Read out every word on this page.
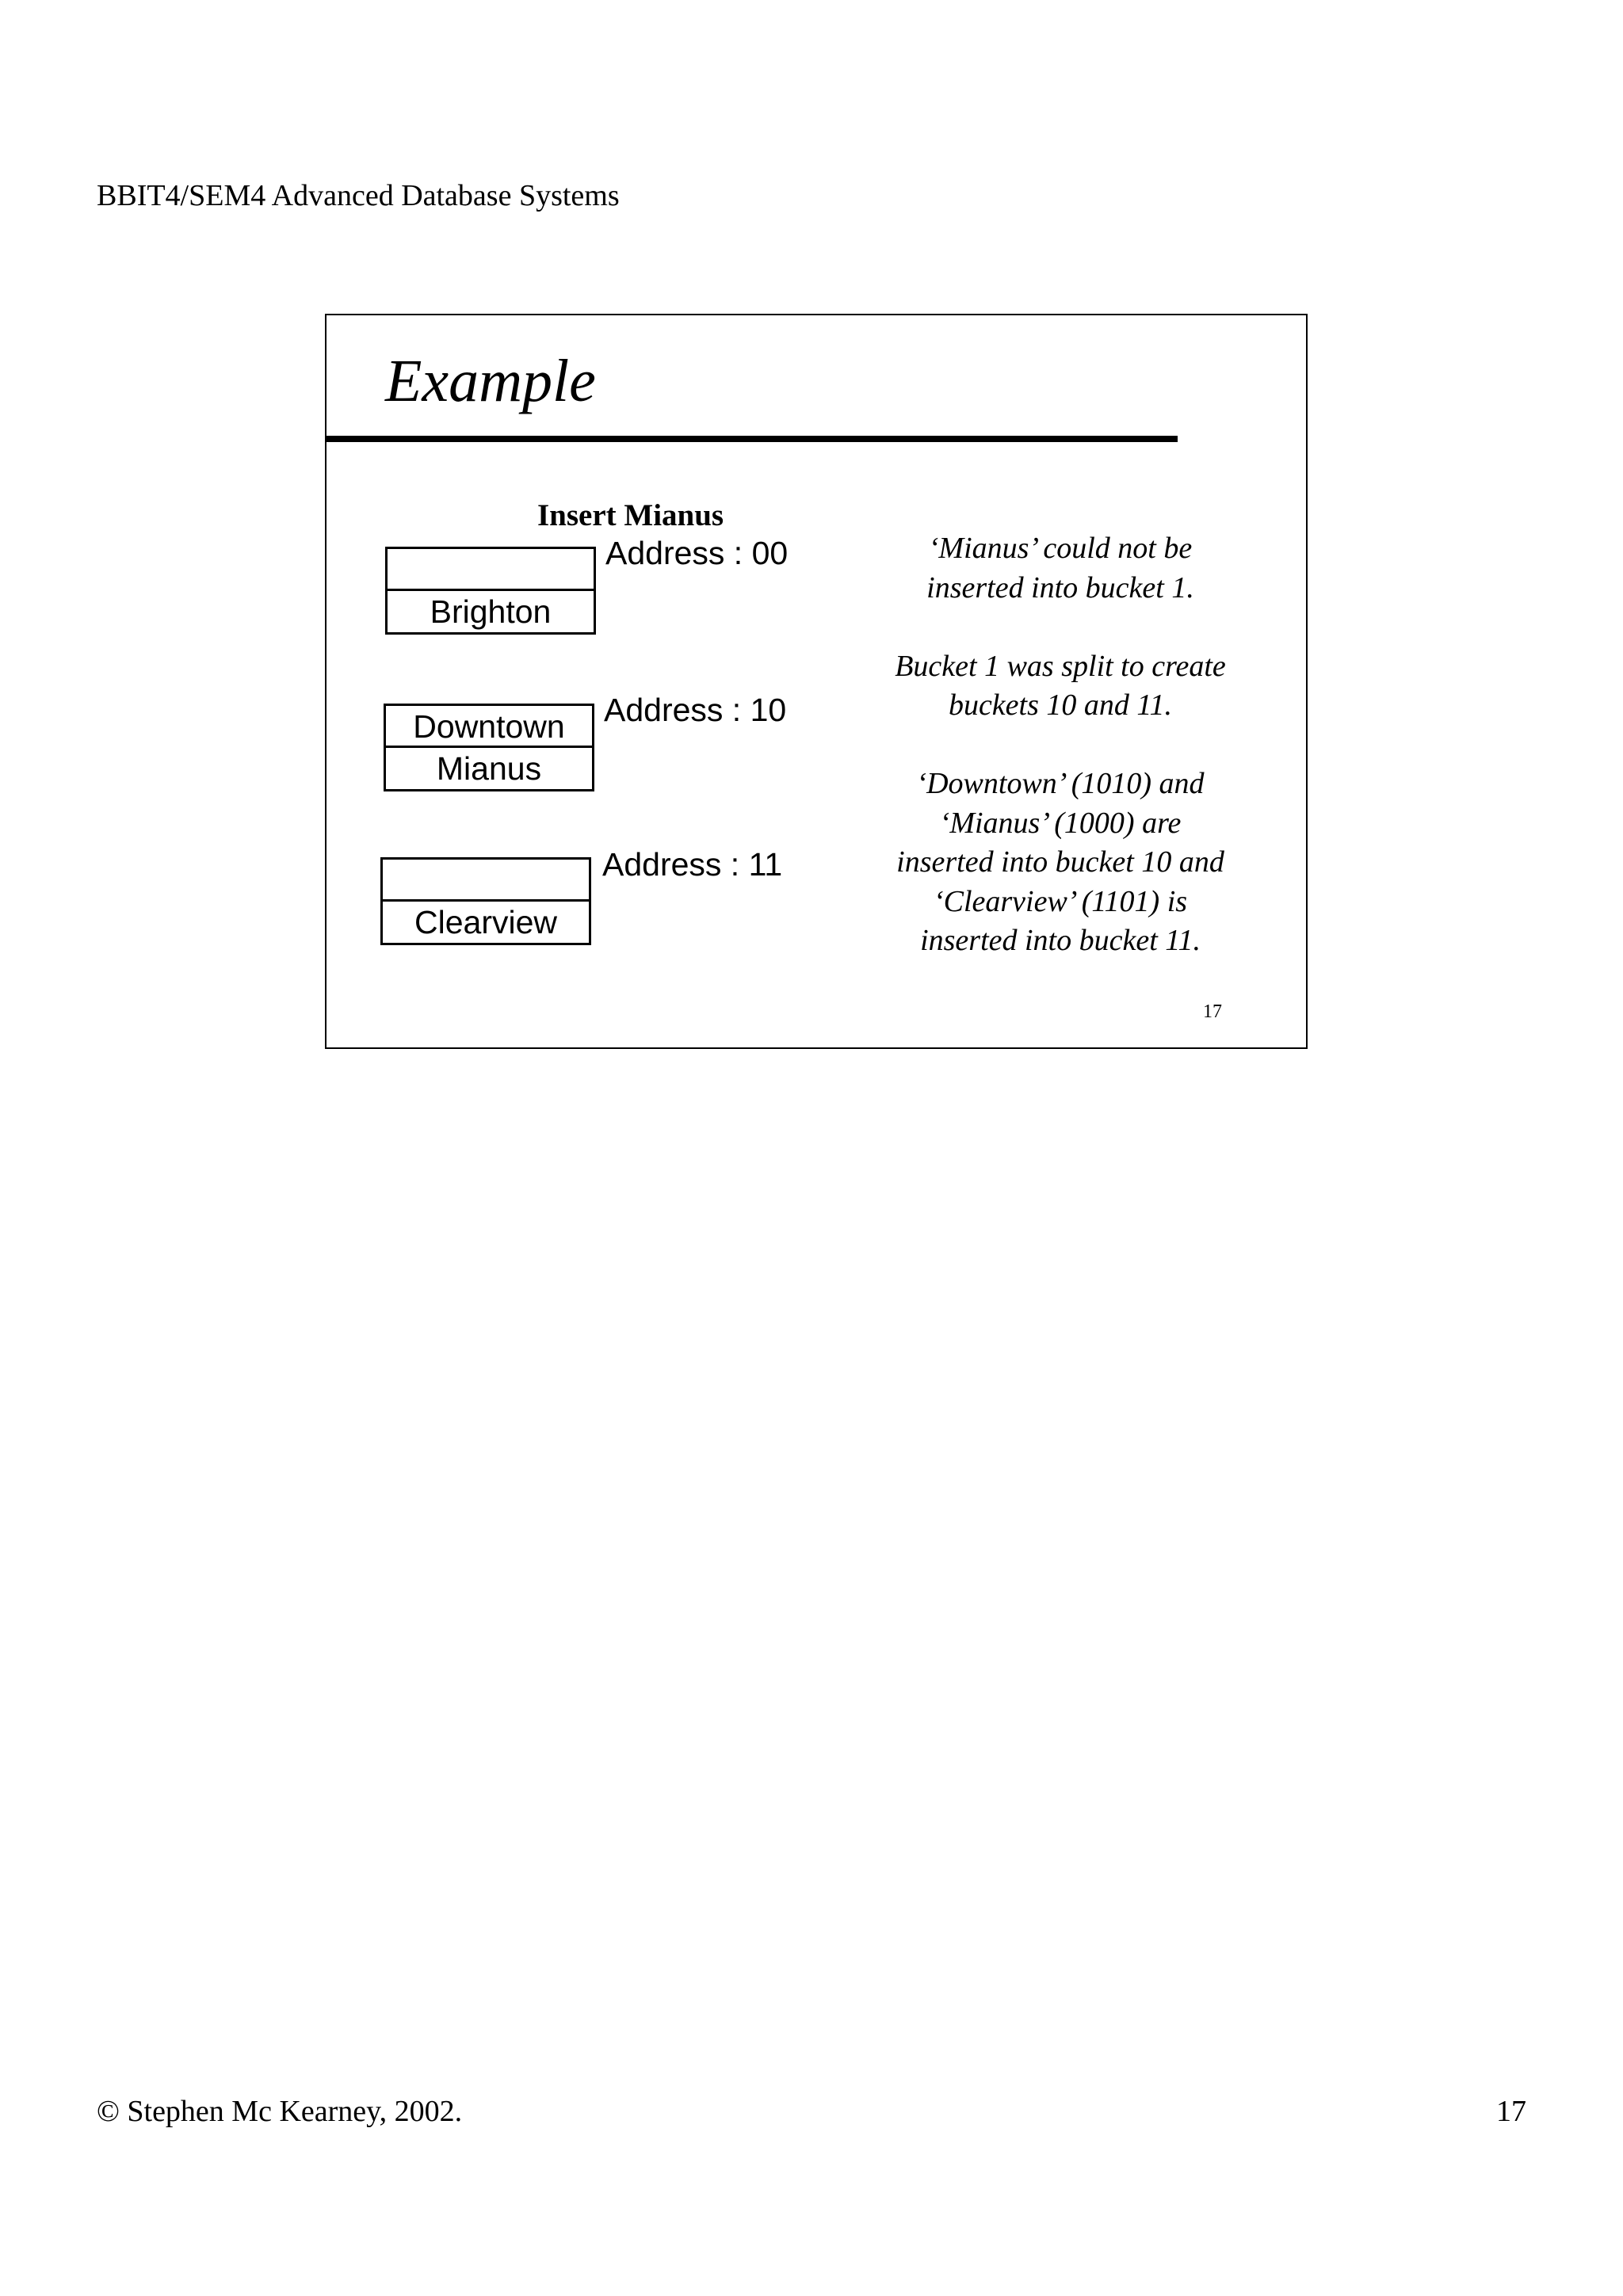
BBIT4/SEM4 Advanced Database Systems
Example
Insert Mianus
Brighton
Address : 00
Downtown
Mianus
Address : 10
Clearview
Address : 11

‘Mianus’ could not be
inserted into bucket 1.

Bucket 1 was split to create
buckets 10 and 11.

‘Downtown’ (1010) and
‘Mianus’ (1000) are
inserted into bucket 10 and
‘Clearview’ (1101) is
inserted into bucket 11.

17
© Stephen Mc Kearney, 2002.	17
